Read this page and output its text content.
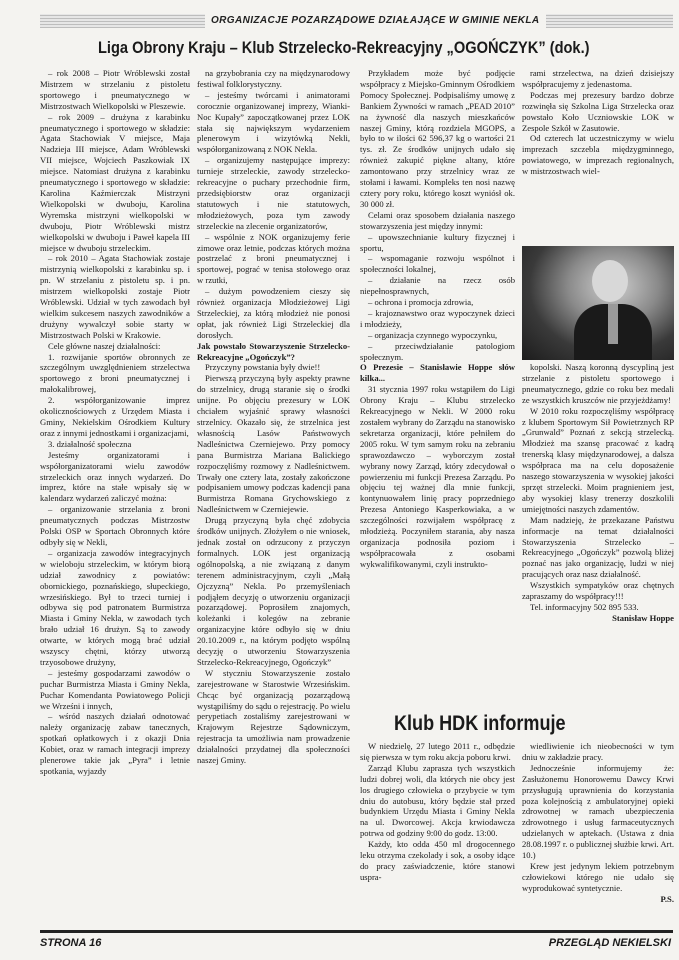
ORGANIZACJE POZARZĄDOWE DZIAŁAJĄCE W GMINIE NEKLA
Liga Obrony Kraju – Klub Strzelecko-Rekreacyjny „OGOŃCZYK” (dok.)

– rok 2008 – Piotr Wróblewski został Mistrzem w strzelaniu z pistoletu sportowego i pneumatycznego w Mistrzostwach Wielkopolski w Pleszewie.

– rok 2009 – drużyna z karabinku pneumatycznego i sportowego w składzie: Agata Stachowiak V miejsce, Maja Nadzieja III miejsce, Adam Wróblewski VII miejsce, Wojciech Paszkowiak IX miejsce. Natomiast drużyna z karabinku pneumatycznego i sportowego w składzie: Karolina Kaźmierczak Mistrzyni Wielkopolski w dwuboju, Karolina Wyremska mistrzyni wielkopolski w dwuboju, Piotr Wróblewski mistrz wielkopolski w dwuboju i Paweł kapela III miejsce w dwuboju strzeleckim.

– rok 2010 – Agata Stachowiak zostaje mistrzynią wielkopolski z karabinku sp. i pn. W strzelaniu z pistoletu sp. i pn. mistrzem wielkopolski zostaje Piotr Wróblewski. Udział w tych zawodach był wielkim sukcesem naszych zawodników a drużyny wywalczył sobie starty w Mistrzostwach Polski w Krakowie.

Cele główne naszej działalności:

1. rozwijanie sportów obronnych ze szczególnym uwzględnieniem strzelectwa sportowego z broni pneumatycznej i małokalibrowej,

2. współorganizowanie imprez okolicznościowych z Urzędem Miasta i Gminy, Nekielskim Ośrodkiem Kultury oraz z innymi jednostkami i organizacjami,

3. działalność społeczna

Jesteśmy organizatorami i współorganizatorami wielu zawodów strzeleckich oraz innych wydarzeń. Do imprez, które na stałe wpisały się w kalendarz wydarzeń zaliczyć można:

– organizowanie strzelania z broni pneumatycznych podczas Mistrzostw Polski OSP w Sportach Obronnych które odbyły się w Nekli,

– organizacja zawodów integracyjnych w wieloboju strzeleckim, w którym biorą udział zawodnicy z powiatów: obornickiego, poznańskiego, słupeckiego, wrzesińskiego. Był to trzeci turniej i odbywa się pod patronatem Burmistrza Miasta i Gminy Nekla, w zawodach tych brało udział 16 drużyn. Są to zawody otwarte, w których mogą brać udział wszyscy chętni, którzy utworzą trzyosobowe drużyny,

– jesteśmy gospodarzami zawodów o puchar Burmistrza Miasta i Gminy Nekla, Puchar Komendanta Powiatowego Policji we Wrześni i innych,

– wśród naszych działań odnotować należy organizację zabaw tanecznych, spotkań opłatkowych i z okazji Dnia Kobiet, oraz w ramach integracji imprezy plenerowe takie jak „Pyra” i letnie spotkania, wyjazdy

na grzybobrania czy na międzynarodowy festiwal folklorystyczny.

– jesteśmy twórcami i animatorami corocznie organizowanej imprezy, Wianki- Noc Kupały” zapoczątkowanej przez LOK stała się największym wydarzeniem plenerowym i wizytówką Nekli, współorganizowaną z NOK Nekla.

– organizujemy następujące imprezy: turnieje strzeleckie, zawody strzelecko- rekreacyjne o puchary przechodnie firm, przedsiębiorstw oraz organizacji statutowych i nie statutowych, młodzieżowych, poza tym zawody strzeleckie na zlecenie organizatorów,

– wspólnie z NOK organizujemy ferie zimowe oraz letnie, podczas których można postrzelać z broni pneumatycznej i sportowej, pograć w tenisa stołowego oraz w rzutki,

– dużym powodzeniem cieszy się również organizacja Młodzieżowej Ligi Strzeleckiej, za którą młodzież nie ponosi opłat, jak również Ligi Strzeleckiej dla dorosłych.

Jak powstało Stowarzyszenie Strzelecko-Rekreacyjne „Ogończyk”?

Przyczyny powstania były dwie!!

Pierwszą przyczyną były aspekty prawne do strzelnicy, drugą staranie się o środki unijne. Po objęciu prezesury w LOK chciałem wyjaśnić sprawy własności strzelnicy. Okazało się, że strzelnica jest własnością Lasów Państwowych Nadleśnictwa Czerniejewo. Przy pomocy pana Burmistrza Mariana Balickiego rozpoczęliśmy rozmowy z Nadleśnictwem. Trwały one cztery lata, zostały zakończone podpisaniem umowy podczas kadencji pana Burmistrza Romana Grychowskiego z Nadleśnictwem w Czerniejewie.

Drugą przyczyną była chęć zdobycia środków unijnych. Złożyłem o nie wniosek, jednak został on odrzucony z przyczyn formalnych. LOK jest organizacją ogólnopolską, a nie związaną z danym terenem administracyjnym, czyli „Małą Ojczyzną” Nekla. Po przemyśleniach podjąłem decyzję o utworzeniu organizacji pozarządowej. Poprosiłem znajomych, koleżanki i kolegów na zebranie organizacyjne które odbyło się w dniu 20.10.2009 r., na którym podjęto wspólną decyzję o utworzeniu Stowarzyszenia Strzelecko-Rekreacyjnego, Ogończyk”

W styczniu Stowarzyszenie zostało zarejestrowane w Starostwie Wrzesińskim. Chcąc być organizacją pozarządową wystąpiliśmy do sądu o rejestrację. Po wielu perypetiach zostaliśmy zarejestrowani w Krajowym Rejestrze Sądowniczym, rejestracja ta umożliwia nam prowadzenie działalności przydatnej dla społeczności naszej Gminy.

Przykładem może być podjęcie współpracy z Miejsko-Gminnym Ośrodkiem Pomocy Społecznej. Podpisaliśmy umowę z Bankiem Żywności w ramach „PEAD 2010” na żywność dla naszych mieszkańców naszej Gminy, którą rozdziela MGOPS, a było to w ilości 62 596,37 kg o wartości 21 tys. zł. Ze środków unijnych udało się również zakupić piękne altany, które zamontowano przy strzelnicy wraz ze stołami i ławami. Kompleks ten nosi nazwę cztery pory roku, którego koszt wyniósł ok. 30 000 zł.

Celami oraz sposobem działania naszego stowarzyszenia jest między innymi:

– upowszechnianie kultury fizycznej i sportu,

– wspomaganie rozwoju wspólnot i społeczności lokalnej,

– działanie na rzecz osób niepełnosprawnych,

– ochrona i promocja zdrowia,

– krajoznawstwo oraz wypoczynek dzieci i młodzieży,

– organizacja czynnego wypoczynku,

– przeciwdziałanie patologiom społecznym.

O Prezesie – Stanisławie Hoppe słów kilka...

31 stycznia 1997 roku wstąpiłem do Ligi Obrony Kraju – Klubu strzelecko Rekreacyjnego w Nekli. W 2000 roku zostałem wybrany do Zarządu na stanowisko sekretarza organizacji, które pełniłem do 2005 roku. W tym samym roku na zebraniu sprawozdawczo – wyborczym został wybrany nowy Zarząd, który zdecydował o powierzeniu mi funkcji Prezesa Zarządu. Po objęciu tej ważnej dla mnie funkcji, kontynuowałem linię pracy poprzedniego Prezesa Antoniego Kasperkowiaka, a w szczególności rozwijałem współpracę z młodzieżą. Poczyniłem starania, aby nasza organizacja podnosiła poziom i współpracowała z osobami wykwalifikowanymi, czyli instrukto-

rami strzelectwa, na dzień dzisiejszy współpracujemy z jedenastoma.

Podczas mej prezesury bardzo dobrze rozwinęła się Szkolna Liga Strzelecka oraz powstało Koło Uczniowskie LOK w Zespole Szkół w Zasutowie.

Od czterech lat uczestniczymy w wielu imprezach szczebla międzygminnego, powiatowego, w imprezach regionalnych, w mistrzostwach wiel-

kopolski. Naszą koronną dyscypliną jest strzelanie z pistoletu sportowego i pneumatycznego, gdzie co roku bez medali ze wszystkich kruszców nie przyjeżdżamy!

W 2010 roku rozpoczęliśmy współpracę z klubem Sportowym Sił Powietrznych RP „Grunwald” Poznań z sekcją strzelecką. Młodzież ma szansę pracować z kadrą trenerską klasy międzynarodowej, a dalsza współpraca ma na celu doposażenie naszego stowarzyszenia w wysokiej jakości sprzęt strzelecki. Moim pragnieniem jest, aby wysokiej klasy trenerzy doszkolili umiejętności naszych zdamentów.

Mam nadzieję, że przekazane Państwu informacje na temat działalności Stowarzyszenia Strzelecko – Rekreacyjnego „Ogończyk” pozwolą bliżej poznać nas jako organizację, ludzi w niej pracujących oraz nasz działalność.

Wszystkich sympatyków oraz chętnych zapraszamy do współpracy!!!

Tel. informacyjny 502 895 533.

Stanisław Hoppe

Klub HDK informuje

W niedzielę, 27 lutego 2011 r., odbędzie się pierwsza w tym roku akcja poboru krwi.

Zarząd Klubu zaprasza tych wszystkich ludzi dobrej woli, dla których nie obcy jest los drugiego człowieka o przybycie w tym dniu do autobusu, który będzie stał przed budynkiem Urzędu Miasta i Gminy Nekla na ul. Dworcowej. Akcja krwiodawcza potrwa od godziny 9:00 do godz. 13:00.

Każdy, kto odda 450 ml drogocennego leku otrzyma czekolady i sok, a osoby idące do pracy zaświadczenie, które stanowi uspra-

wiedliwienie ich nieobecności w tym dniu w zakładzie pracy.

Jednocześnie informujemy że: Zasłużonemu Honorowemu Dawcy Krwi przysługują uprawnienia do korzystania poza kolejnością z ambulatoryjnej opieki zdrowotnej w ramach ubezpieczenia zdrowotnego i usług farmaceutycznych udzielanych w aptekach. (Ustawa z dnia 28.08.1997 r. o publicznej służbie krwi. Art. 10.)

Krew jest jedynym lekiem potrzebnym człowiekowi którego nie udało się wyprodukować syntetycznie.

P.S.

STRONA 16	PRZEGLĄD NEKIELSKI
